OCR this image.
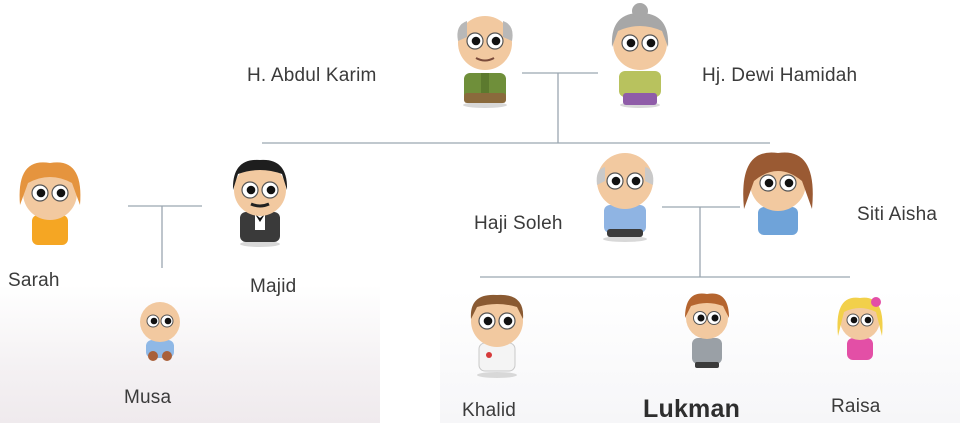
H. Abdul Karim	Hj. Dewi Hamidah
Sarah	Majid
Musa
Haji Soleh	Siti Aisha
Khalid	Lukman	Raisa
